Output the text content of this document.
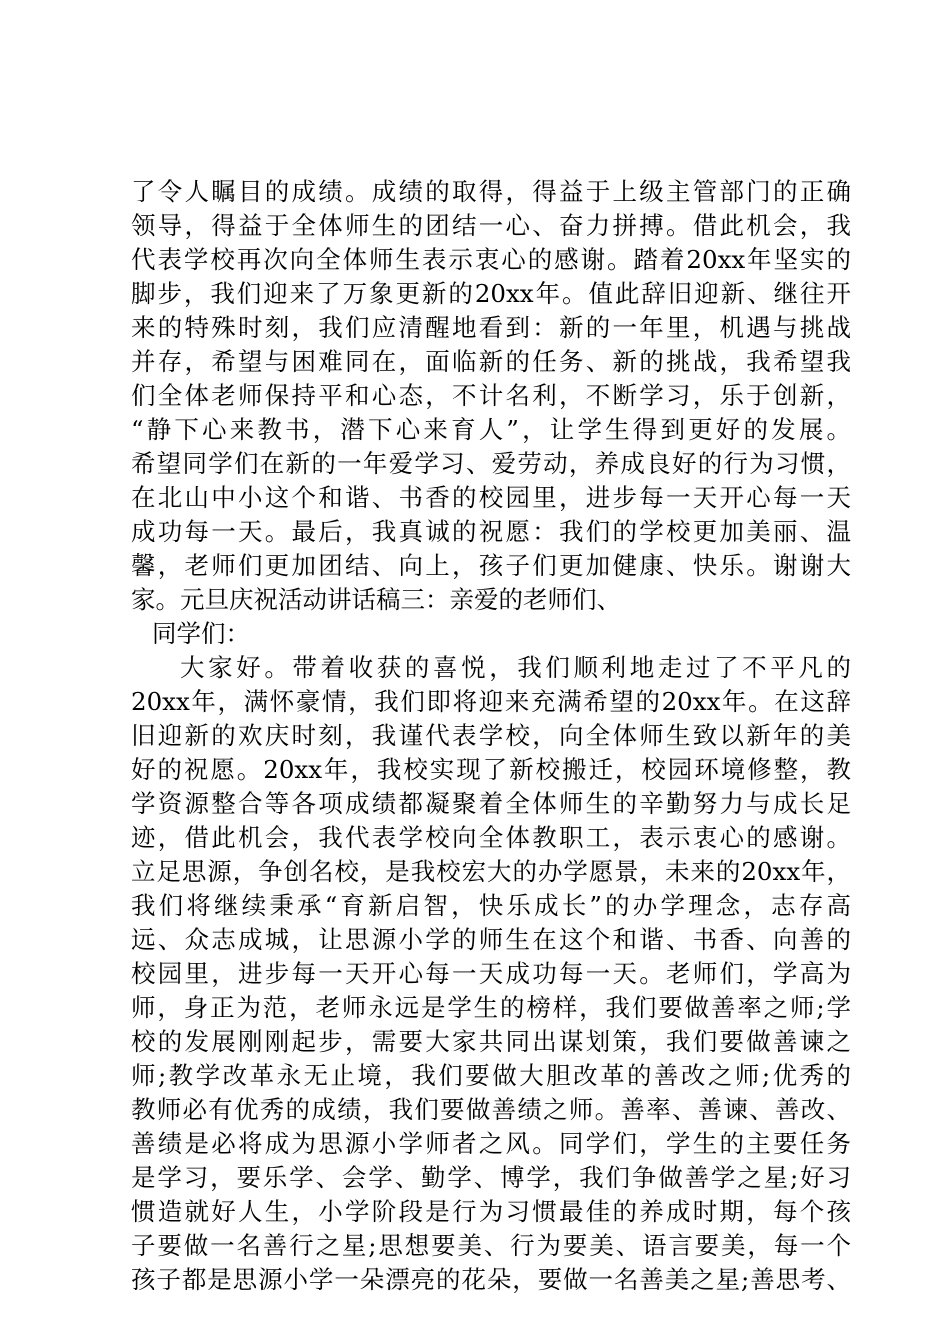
了令人瞩目的成绩。成绩的取得，得益于上级主管部门的正确
领导，得益于全体师生的团结一心、奋力拼搏。借此机会，我
代表学校再次向全体师生表示衷心的感谢。踏着20xx年坚实的
脚步，我们迎来了万象更新的20xx年。值此辞旧迎新、继往开
来的特殊时刻，我们应清醒地看到：新的一年里，机遇与挑战
并存，希望与困难同在，面临新的任务、新的挑战，我希望我
们全体老师保持平和心态，不计名利，不断学习，乐于创新，
“静下心来教书，潜下心来育人”，让学生得到更好的发展。
希望同学们在新的一年爱学习、爱劳动，养成良好的行为习惯，
在北山中小这个和谐、书香的校园里，进步每一天开心每一天
成功每一天。最后，我真诚的祝愿：我们的学校更加美丽、温
馨，老师们更加团结、向上，孩子们更加健康、快乐。谢谢大
家。元旦庆祝活动讲话稿三：亲爱的老师们、
同学们：
大家好。带着收获的喜悦，我们顺利地走过了不平凡的
20xx年，满怀豪情，我们即将迎来充满希望的20xx年。在这辞
旧迎新的欢庆时刻，我谨代表学校，向全体师生致以新年的美
好的祝愿。20xx年，我校实现了新校搬迁，校园环境修整，教
学资源整合等各项成绩都凝聚着全体师生的辛勤努力与成长足
迹，借此机会，我代表学校向全体教职工，表示衷心的感谢。
立足思源，争创名校，是我校宏大的办学愿景，未来的20xx年，
我们将继续秉承“育新启智，快乐成长”的办学理念，志存高
远、众志成城，让思源小学的师生在这个和谐、书香、向善的
校园里，进步每一天开心每一天成功每一天。老师们，学高为
师，身正为范，老师永远是学生的榜样，我们要做善率之师;学
校的发展刚刚起步，需要大家共同出谋划策，我们要做善谏之
师;教学改革永无止境，我们要做大胆改革的善改之师;优秀的
教师必有优秀的成绩，我们要做善绩之师。善率、善谏、善改、
善绩是必将成为思源小学师者之风。同学们，学生的主要任务
是学习，要乐学、会学、勤学、博学，我们争做善学之星;好习
惯造就好人生，小学阶段是行为习惯最佳的养成时期，每个孩
子要做一名善行之星;思想要美、行为要美、语言要美，每一个
孩子都是思源小学一朵漂亮的花朵，要做一名善美之星;善思考、
